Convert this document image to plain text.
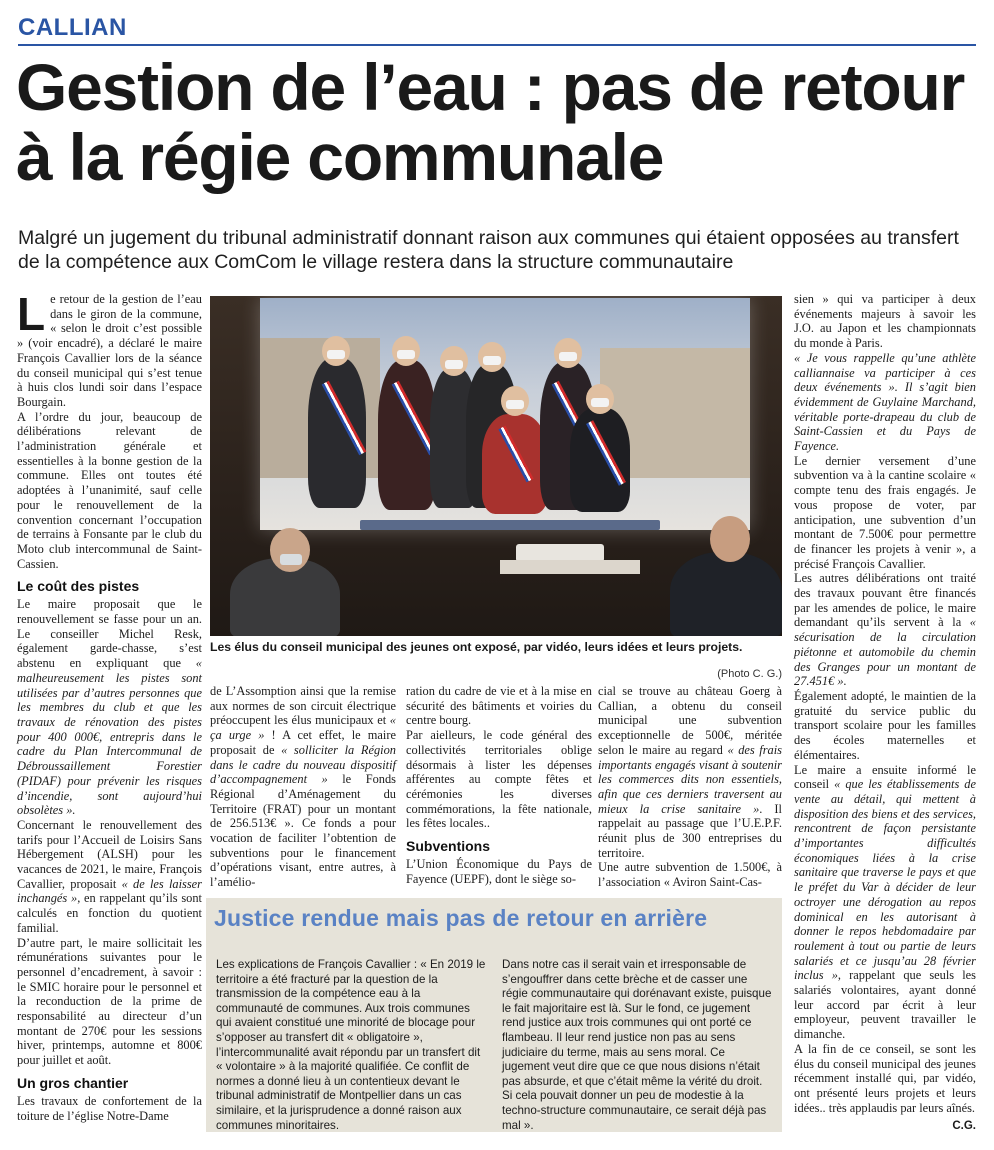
CALLIAN
Gestion de l’eau : pas de retour à la régie communale
Malgré un jugement du tribunal administratif donnant raison aux communes qui étaient opposées au transfert de la compétence aux ComCom le village restera dans la structure communautaire

Le retour de la gestion de l’eau dans le giron de la commune, « selon le droit c’est possible » (voir encadré), a déclaré le maire François Cavallier lors de la séance du conseil municipal qui s’est tenue à huis clos lundi soir dans l’espace Bourgain.

A l’ordre du jour, beaucoup de délibérations relevant de l’administration générale et essentielles à la bonne gestion de la commune. Elles ont toutes été adoptées à l’unanimité, sauf celle pour le renouvellement de la convention concernant l’occupation de terrains à Fonsante par le club du Moto club intercommunal de Saint-Cassien.

Le coût des pistes

Le maire proposait que le renouvellement se fasse pour un an. Le conseiller Michel Resk, également garde-chasse, s’est abstenu en expliquant que « malheureusement les pistes sont utilisées par d’autres personnes que les membres du club et que les travaux de rénovation des pistes pour 400 000€, entrepris dans le cadre du Plan Intercommunal de Débroussaillement Forestier (PIDAF) pour prévenir les risques d’incendie, sont aujourd’hui obsolètes ».

Concernant le renouvellement des tarifs pour l’Accueil de Loisirs Sans Hébergement (ALSH) pour les vacances de 2021, le maire, François Cavallier, proposait « de les laisser inchangés », en rappelant qu’ils sont calculés en fonction du quotient familial.

D’autre part, le maire sollicitait les rémunérations suivantes pour le personnel d’encadrement, à savoir : le SMIC horaire pour le personnel et la reconduction de la prime de responsabilité au directeur d’un montant de 270€ pour les sessions hiver, printemps, automne et 800€ pour juillet et août.

Un gros chantier

Les travaux de confortement de la toiture de l’église Notre-Dame

Les élus du conseil municipal des jeunes ont exposé, par vidéo, leurs idées et leurs projets.
(Photo C. G.)

de L’Assomption ainsi que la remise aux normes de son circuit électrique préoccupent les élus municipaux et « ça urge » ! A cet effet, le maire proposait de « solliciter la Région dans le cadre du nouveau dispositif d’accompagnement » le Fonds Régional d’Aménagement du Territoire (FRAT) pour un montant de 256.513€ ». Ce fonds a pour vocation de faciliter l’obtention de subventions pour le financement d’opérations visant, entre autres, à l’amélio-

ration du cadre de vie et à la mise en sécurité des bâtiments et voiries du centre bourg.

Par aielleurs, le code général des collectivités territoriales oblige désormais à lister les dépenses afférentes au compte fêtes et cérémonies les diverses commémorations, la fête nationale, les fêtes locales..

Subventions

L’Union Économique du Pays de Fayence (UEPF), dont le siège so-

cial se trouve au château Goerg à Callian, a obtenu du conseil municipal une subvention exceptionnelle de 500€, méritée selon le maire au regard « des frais importants engagés visant à soutenir les commerces dits non essentiels, afin que ces derniers traversent au mieux la crise sanitaire ». Il rappelait au passage que l’U.E.P.F. réunit plus de 300 entreprises du territoire.

Une autre subvention de 1.500€, à l’association « Aviron Saint-Cas-

sien » qui va participer à deux événements majeurs à savoir les J.O. au Japon et les championnats du monde à Paris.

« Je vous rappelle qu’une athlète calliannaise va participer à ces deux événements ». Il s’agit bien évidemment de Guylaine Marchand, véritable porte-drapeau du club de Saint-Cassien et du Pays de Fayence.

Le dernier versement d’une subvention va à la cantine scolaire « compte tenu des frais engagés. Je vous propose de voter, par anticipation, une subvention d’un montant de 7.500€ pour permettre de financer les projets à venir », a précisé François Cavallier.

Les autres délibérations ont traité des travaux pouvant être financés par les amendes de police, le maire demandant qu’ils servent à la « sécurisation de la circulation piétonne et automobile du chemin des Granges pour un montant de 27.451€ ».

Également adopté, le maintien de la gratuité du service public du transport scolaire pour les familles des écoles maternelles et élémentaires.

Le maire a ensuite informé le conseil « que les établissements de vente au détail, qui mettent à disposition des biens et des services, rencontrent de façon persistante d’importantes difficultés économiques liées à la crise sanitaire que traverse le pays et que le préfet du Var à décider de leur octroyer une dérogation au repos dominical en les autorisant à donner le repos hebdomadaire par roulement à tout ou partie de leurs salariés et ce jusqu’au 28 février inclus », rappelant que seuls les salariés volontaires, ayant donné leur accord par écrit à leur employeur, peuvent travailler le dimanche.

A la fin de ce conseil, se sont les élus du conseil municipal des jeunes récemment installé qui, par vidéo, ont présenté leurs projets et leurs idées.. très applaudis par leurs aînés.

C.G.
Justice rendue mais pas de retour en arrière
Les explications de François Cavallier : « En 2019 le territoire a été fracturé par la question de la transmission de la compétence eau à la communauté de communes. Aux trois communes qui avaient constitué une minorité de blocage pour s’opposer au transfert dit « obligatoire », l’intercommunalité avait répondu par un transfert dit « volontaire » à la majorité qualifiée. Ce conflit de normes a donné lieu à un contentieux devant le tribunal administratif de Montpellier dans un cas similaire, et la jurisprudence a donné raison aux communes minoritaires.
Dans notre cas il serait vain et irresponsable de s’engouffrer dans cette brèche et de casser une régie communautaire qui dorénavant existe, puisque le fait majoritaire est là. Sur le fond, ce jugement rend justice aux trois communes qui ont porté ce flambeau. Il leur rend justice non pas au sens judiciaire du terme, mais au sens moral. Ce jugement veut dire que ce que nous disions n’était pas absurde, et que c’était même la vérité du droit. Si cela pouvait donner un peu de modestie à la techno-structure communautaire, ce serait déjà pas mal ».
